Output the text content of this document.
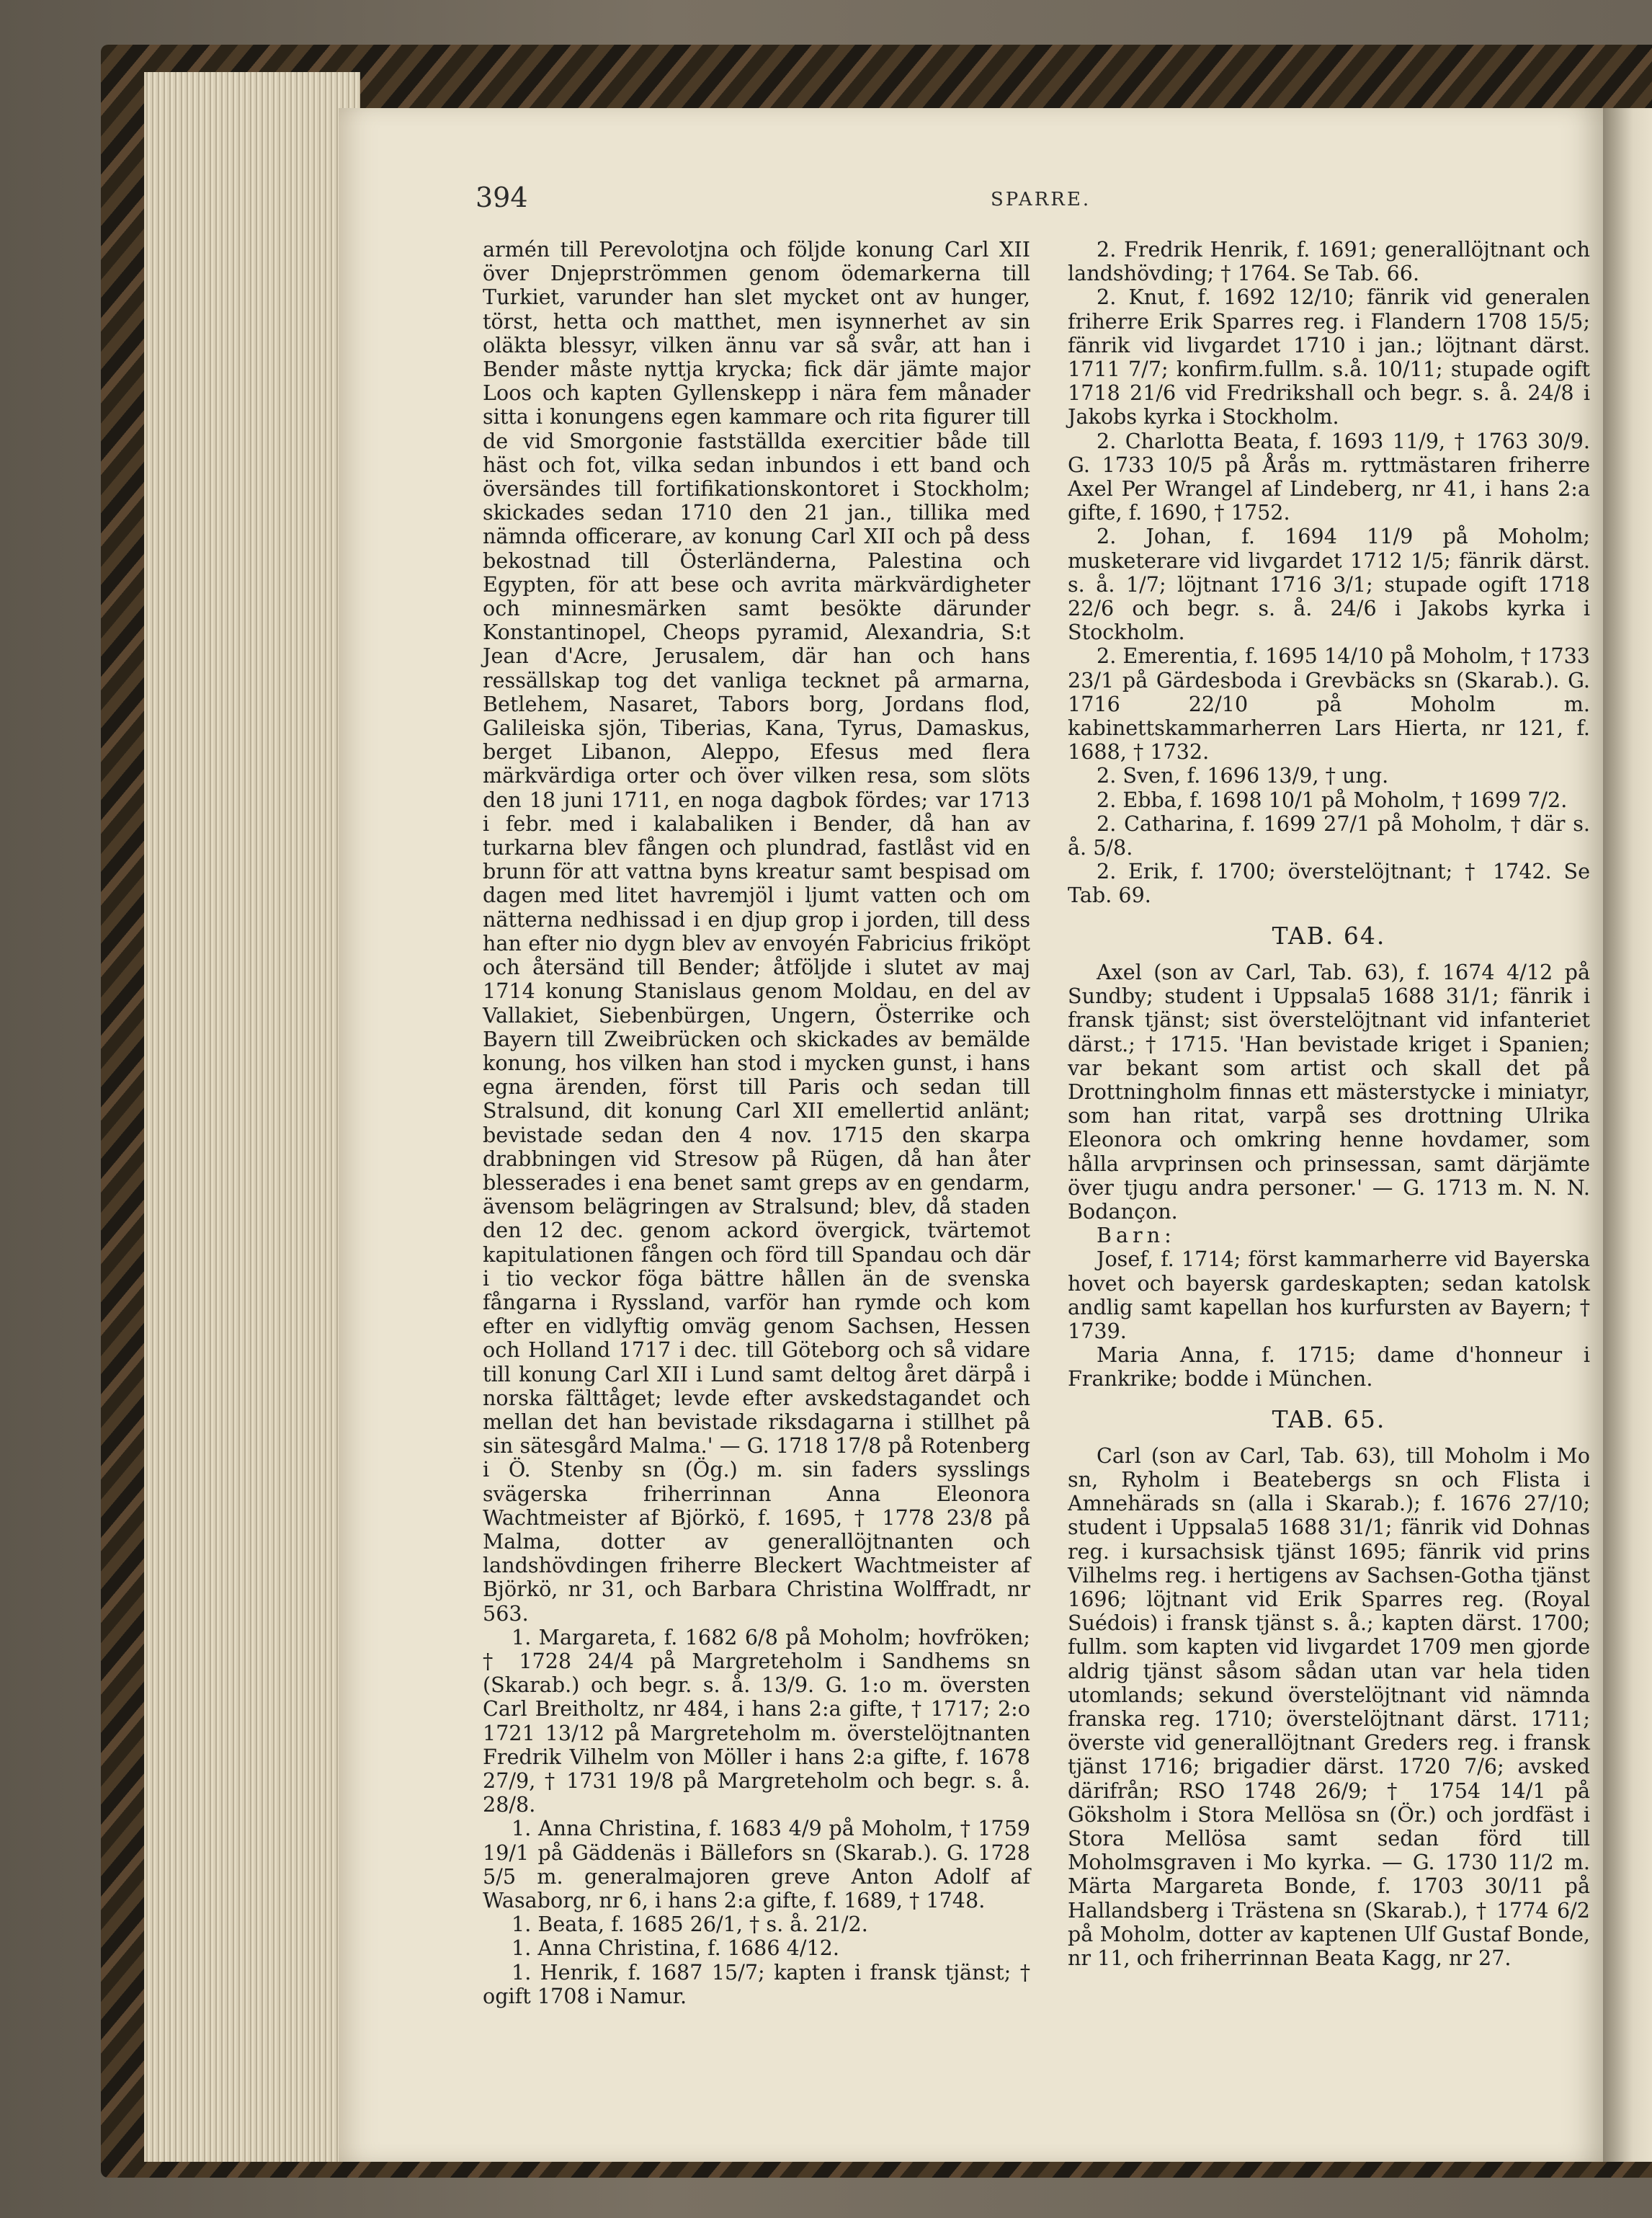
394	SPARRE.

armén till Perevolotjna och följde konung Carl XII över Dnjeprströmmen genom ödemarkerna till Turkiet, varunder han slet mycket ont av hunger, törst, hetta och matthet, men isynnerhet av sin oläkta blessyr, vilken ännu var så svår, att han i Bender måste nyttja krycka; fick där jämte major Loos och kapten Gyllenskepp i nära fem månader sitta i konungens egen kammare och rita figurer till de vid Smorgonie fastställda exercitier både till häst och fot, vilka sedan inbundos i ett band och översändes till fortifikationskontoret i Stockholm; skickades sedan 1710 den 21 jan., tillika med nämnda officerare, av konung Carl XII och på dess bekostnad till Österländerna, Palestina och Egypten, för att bese och avrita märkvärdigheter och minnesmärken samt besökte därunder Konstantinopel, Cheops pyramid, Alexandria, S:t Jean d'Acre, Jerusalem, där han och hans ressällskap tog det vanliga tecknet på armarna, Betlehem, Nasaret, Tabors borg, Jordans flod, Galileiska sjön, Tiberias, Kana, Tyrus, Damaskus, berget Libanon, Aleppo, Efesus med flera märkvärdiga orter och över vilken resa, som slöts den 18 juni 1711, en noga dagbok fördes; var 1713 i febr. med i kalabaliken i Bender, då han av turkarna blev fången och plundrad, fastlåst vid en brunn för att vattna byns kreatur samt bespisad om dagen med litet havremjöl i ljumt vatten och om nätterna nedhissad i en djup grop i jorden, till dess han efter nio dygn blev av envoyén Fabricius friköpt och återsänd till Bender; åtföljde i slutet av maj 1714 konung Stanislaus genom Moldau, en del av Vallakiet, Siebenbürgen, Ungern, Österrike och Bayern till Zweibrücken och skickades av bemälde konung, hos vilken han stod i mycken gunst, i hans egna ärenden, först till Paris och sedan till Stralsund, dit konung Carl XII emellertid anlänt; bevistade sedan den 4 nov. 1715 den skarpa drabbningen vid Stresow på Rügen, då han åter blesserades i ena benet samt greps av en gendarm, ävensom belägringen av Stralsund; blev, då staden den 12 dec. genom ackord övergick, tvärtemot kapitulationen fången och förd till Spandau och där i tio veckor föga bättre hållen än de svenska fångarna i Ryssland, varför han rymde och kom efter en vidlyftig omväg genom Sachsen, Hessen och Holland 1717 i dec. till Göteborg och så vidare till konung Carl XII i Lund samt deltog året därpå i norska fälttåget; levde efter avskedstagandet och mellan det han bevistade riksdagarna i stillhet på sin sätesgård Malma.' — G. 1718 17/8 på Rotenberg i Ö. Stenby sn (Ög.) m. sin faders sysslings svägerska friherrinnan Anna Eleonora Wachtmeister af Björkö, f. 1695, † 1778 23/8 på Malma, dotter av generallöjtnanten och landshövdingen friherre Bleckert Wachtmeister af Björkö, nr 31, och Barbara Christina Wolffradt, nr 563.

1. Margareta, f. 1682 6/8 på Moholm; hovfröken; † 1728 24/4 på Margreteholm i Sandhems sn (Skarab.) och begr. s. å. 13/9. G. 1:o m. översten Carl Breitholtz, nr 484, i hans 2:a gifte, † 1717; 2:o 1721 13/12 på Margreteholm m. överstelöjtnanten Fredrik Vilhelm von Möller i hans 2:a gifte, f. 1678 27/9, † 1731 19/8 på Margreteholm och begr. s. å. 28/8.

1. Anna Christina, f. 1683 4/9 på Moholm, † 1759 19/1 på Gäddenäs i Bällefors sn (Skarab.). G. 1728 5/5 m. generalmajoren greve Anton Adolf af Wasaborg, nr 6, i hans 2:a gifte, f. 1689, † 1748.

1. Beata, f. 1685 26/1, † s. å. 21/2.

1. Anna Christina, f. 1686 4/12.

1. Henrik, f. 1687 15/7; kapten i fransk tjänst; † ogift 1708 i Namur.

2. Fredrik Henrik, f. 1691; generallöjtnant och landshövding; † 1764. Se Tab. 66.

2. Knut, f. 1692 12/10; fänrik vid generalen friherre Erik Sparres reg. i Flandern 1708 15/5; fänrik vid livgardet 1710 i jan.; löjtnant därst. 1711 7/7; konfirm.fullm. s.å. 10/11; stupade ogift 1718 21/6 vid Fredrikshall och begr. s. å. 24/8 i Jakobs kyrka i Stockholm.

2. Charlotta Beata, f. 1693 11/9, † 1763 30/9. G. 1733 10/5 på Årås m. ryttmästaren friherre Axel Per Wrangel af Lindeberg, nr 41, i hans 2:a gifte, f. 1690, † 1752.

2. Johan, f. 1694 11/9 på Moholm; musketerare vid livgardet 1712 1/5; fänrik därst. s. å. 1/7; löjtnant 1716 3/1; stupade ogift 1718 22/6 och begr. s. å. 24/6 i Jakobs kyrka i Stockholm.

2. Emerentia, f. 1695 14/10 på Moholm, † 1733 23/1 på Gärdesboda i Grevbäcks sn (Skarab.). G. 1716 22/10 på Moholm m. kabinettskammarherren Lars Hierta, nr 121, f. 1688, † 1732.

2. Sven, f. 1696 13/9, † ung.

2. Ebba, f. 1698 10/1 på Moholm, † 1699 7/2.

2. Catharina, f. 1699 27/1 på Moholm, † där s. å. 5/8.

2. Erik, f. 1700; överstelöjtnant; † 1742. Se Tab. 69.

TAB. 64.

Axel (son av Carl, Tab. 63), f. 1674 4/12 på Sundby; student i Uppsala5 1688 31/1; fänrik i fransk tjänst; sist överstelöjtnant vid infanteriet därst.; † 1715. 'Han bevistade kriget i Spanien; var bekant som artist och skall det på Drottningholm finnas ett mästerstycke i miniatyr, som han ritat, varpå ses drottning Ulrika Eleonora och omkring henne hovdamer, som hålla arvprinsen och prinsessan, samt därjämte över tjugu andra personer.' — G. 1713 m. N. N. Bodançon.

Barn:

Josef, f. 1714; först kammarherre vid Bayerska hovet och bayersk gardeskapten; sedan katolsk andlig samt kapellan hos kurfursten av Bayern; † 1739.

Maria Anna, f. 1715; dame d'honneur i Frankrike; bodde i München.

TAB. 65.

Carl (son av Carl, Tab. 63), till Moholm i Mo sn, Ryholm i Beatebergs sn och Flista i Amnehärads sn (alla i Skarab.); f. 1676 27/10; student i Uppsala5 1688 31/1; fänrik vid Dohnas reg. i kursachsisk tjänst 1695; fänrik vid prins Vilhelms reg. i hertigens av Sachsen-Gotha tjänst 1696; löjtnant vid Erik Sparres reg. (Royal Suédois) i fransk tjänst s. å.; kapten därst. 1700; fullm. som kapten vid livgardet 1709 men gjorde aldrig tjänst såsom sådan utan var hela tiden utomlands; sekund överstelöjtnant vid nämnda franska reg. 1710; överstelöjtnant därst. 1711; överste vid generallöjtnant Greders reg. i fransk tjänst 1716; brigadier därst. 1720 7/6; avsked därifrån; RSO 1748 26/9; † 1754 14/1 på Göksholm i Stora Mellösa sn (Ör.) och jordfäst i Stora Mellösa samt sedan förd till Moholmsgraven i Mo kyrka. — G. 1730 11/2 m. Märta Margareta Bonde, f. 1703 30/11 på Hallandsberg i Trästena sn (Skarab.), † 1774 6/2 på Moholm, dotter av kaptenen Ulf Gustaf Bonde, nr 11, och friherrinnan Beata Kagg, nr 27.
